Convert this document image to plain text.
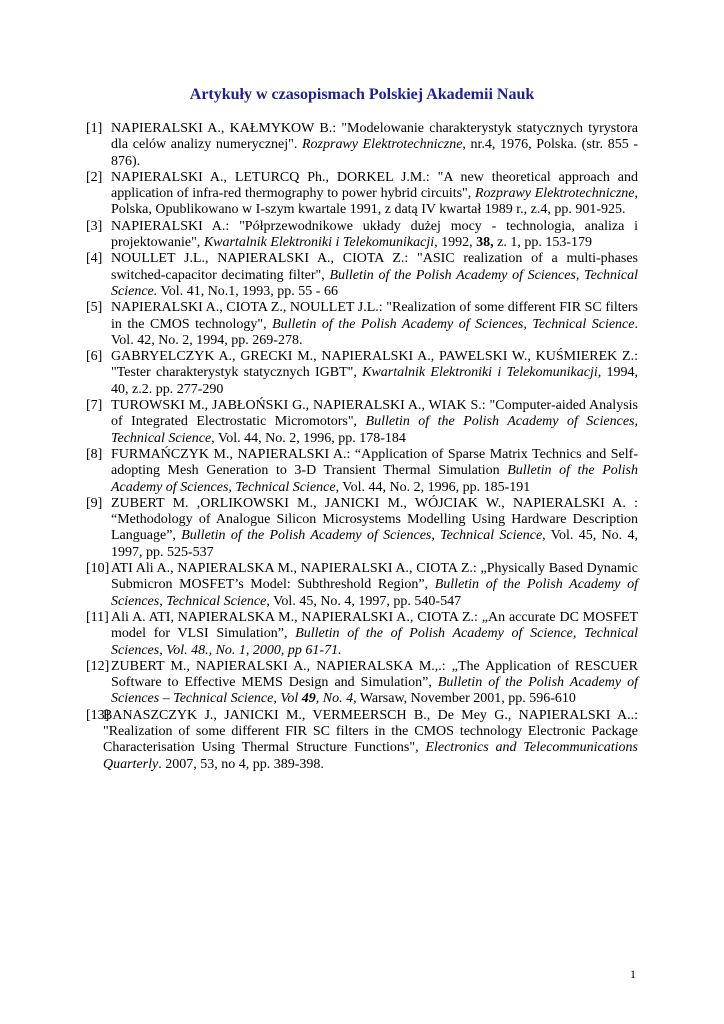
Artykuły w czasopismach Polskiej Akademii Nauk
[1] NAPIERALSKI A., KAŁMYKOW B.: "Modelowanie charakterystyk statycznych tyrystora dla celów analizy numerycznej". Rozprawy Elektrotechniczne, nr.4, 1976, Polska. (str. 855 - 876).
[2] NAPIERALSKI A., LETURCQ Ph., DORKEL J.M.: "A new theoretical approach and application of infra-red thermography to power hybrid circuits", Rozprawy Elektrotechniczne, Polska, Opublikowano w I-szym kwartale 1991, z datą IV kwartał 1989 r., z.4, pp. 901-925.
[3] NAPIERALSKI A.: "Półprzewodnikowe układy dużej mocy - technologia, analiza i projektowanie", Kwartalnik Elektroniki i Telekomunikacji, 1992, 38, z. 1, pp. 153-179
[4] NOULLET J.L., NAPIERALSKI A., CIOTA Z.: "ASIC realization of a multi-phases switched-capacitor decimating filter", Bulletin of the Polish Academy of Sciences, Technical Science. Vol. 41, No.1, 1993, pp. 55 - 66
[5] NAPIERALSKI A., CIOTA Z., NOULLET J.L.: "Realization of some different FIR SC filters in the CMOS technology", Bulletin of the Polish Academy of Sciences, Technical Science. Vol. 42, No. 2, 1994, pp. 269-278.
[6] GABRYELCZYK A., GRECKI M., NAPIERALSKI A., PAWELSKI W., KUŚMIEREK Z.: "Tester charakterystyk statycznych IGBT", Kwartalnik Elektroniki i Telekomunikacji, 1994, 40, z.2. pp. 277-290
[7] TUROWSKI M., JABŁOŃSKI G., NAPIERALSKI A., WIAK S.: "Computer-aided Analysis of Integrated Electrostatic Micromotors", Bulletin of the Polish Academy of Sciences, Technical Science, Vol. 44, No. 2, 1996, pp. 178-184
[8] FURMAŃCZYK M., NAPIERALSKI A.: “Application of Sparse Matrix Technics and Self-adopting Mesh Generation to 3-D Transient Thermal Simulation Bulletin of the Polish Academy of Sciences, Technical Science, Vol. 44, No. 2, 1996, pp. 185-191
[9] ZUBERT M. ,ORLIKOWSKI M., JANICKI M., WÓJCIAK W., NAPIERALSKI A. : “Methodology of Analogue Silicon Microsystems Modelling Using Hardware Description Language”, Bulletin of the Polish Academy of Sciences, Technical Science, Vol. 45, No. 4, 1997, pp. 525-537
[10] ATI Ali A., NAPIERALSKA M., NAPIERALSKI A., CIOTA Z.: „Physically Based Dynamic Submicron MOSFET’s Model: Subthreshold Region”, Bulletin of the Polish Academy of Sciences, Technical Science, Vol. 45, No. 4, 1997, pp. 540-547
[11] Ali A. ATI, NAPIERALSKA M., NAPIERALSKI A., CIOTA Z.: „An accurate DC MOSFET model for VLSI Simulation”, Bulletin of the of Polish Academy of Science, Technical Sciences, Vol. 48., No. 1, 2000, pp 61-71.
[12] ZUBERT M., NAPIERALSKI A., NAPIERALSKA M.,.: „The Application of RESCUER Software to Effective MEMS Design and Simulation”, Bulletin of the Polish Academy of Sciences – Technical Science, Vol 49, No. 4, Warsaw, November 2001, pp. 596-610
[13]
BANASZCZYK J., JANICKI M., VERMEERSCH B., De Mey G., NAPIERALSKI A..: "Realization of some different FIR SC filters in the CMOS technology Electronic Package Characterisation Using Thermal Structure Functions", Electronics and Telecommunications Quarterly. 2007, 53, no 4, pp. 389-398.
1
